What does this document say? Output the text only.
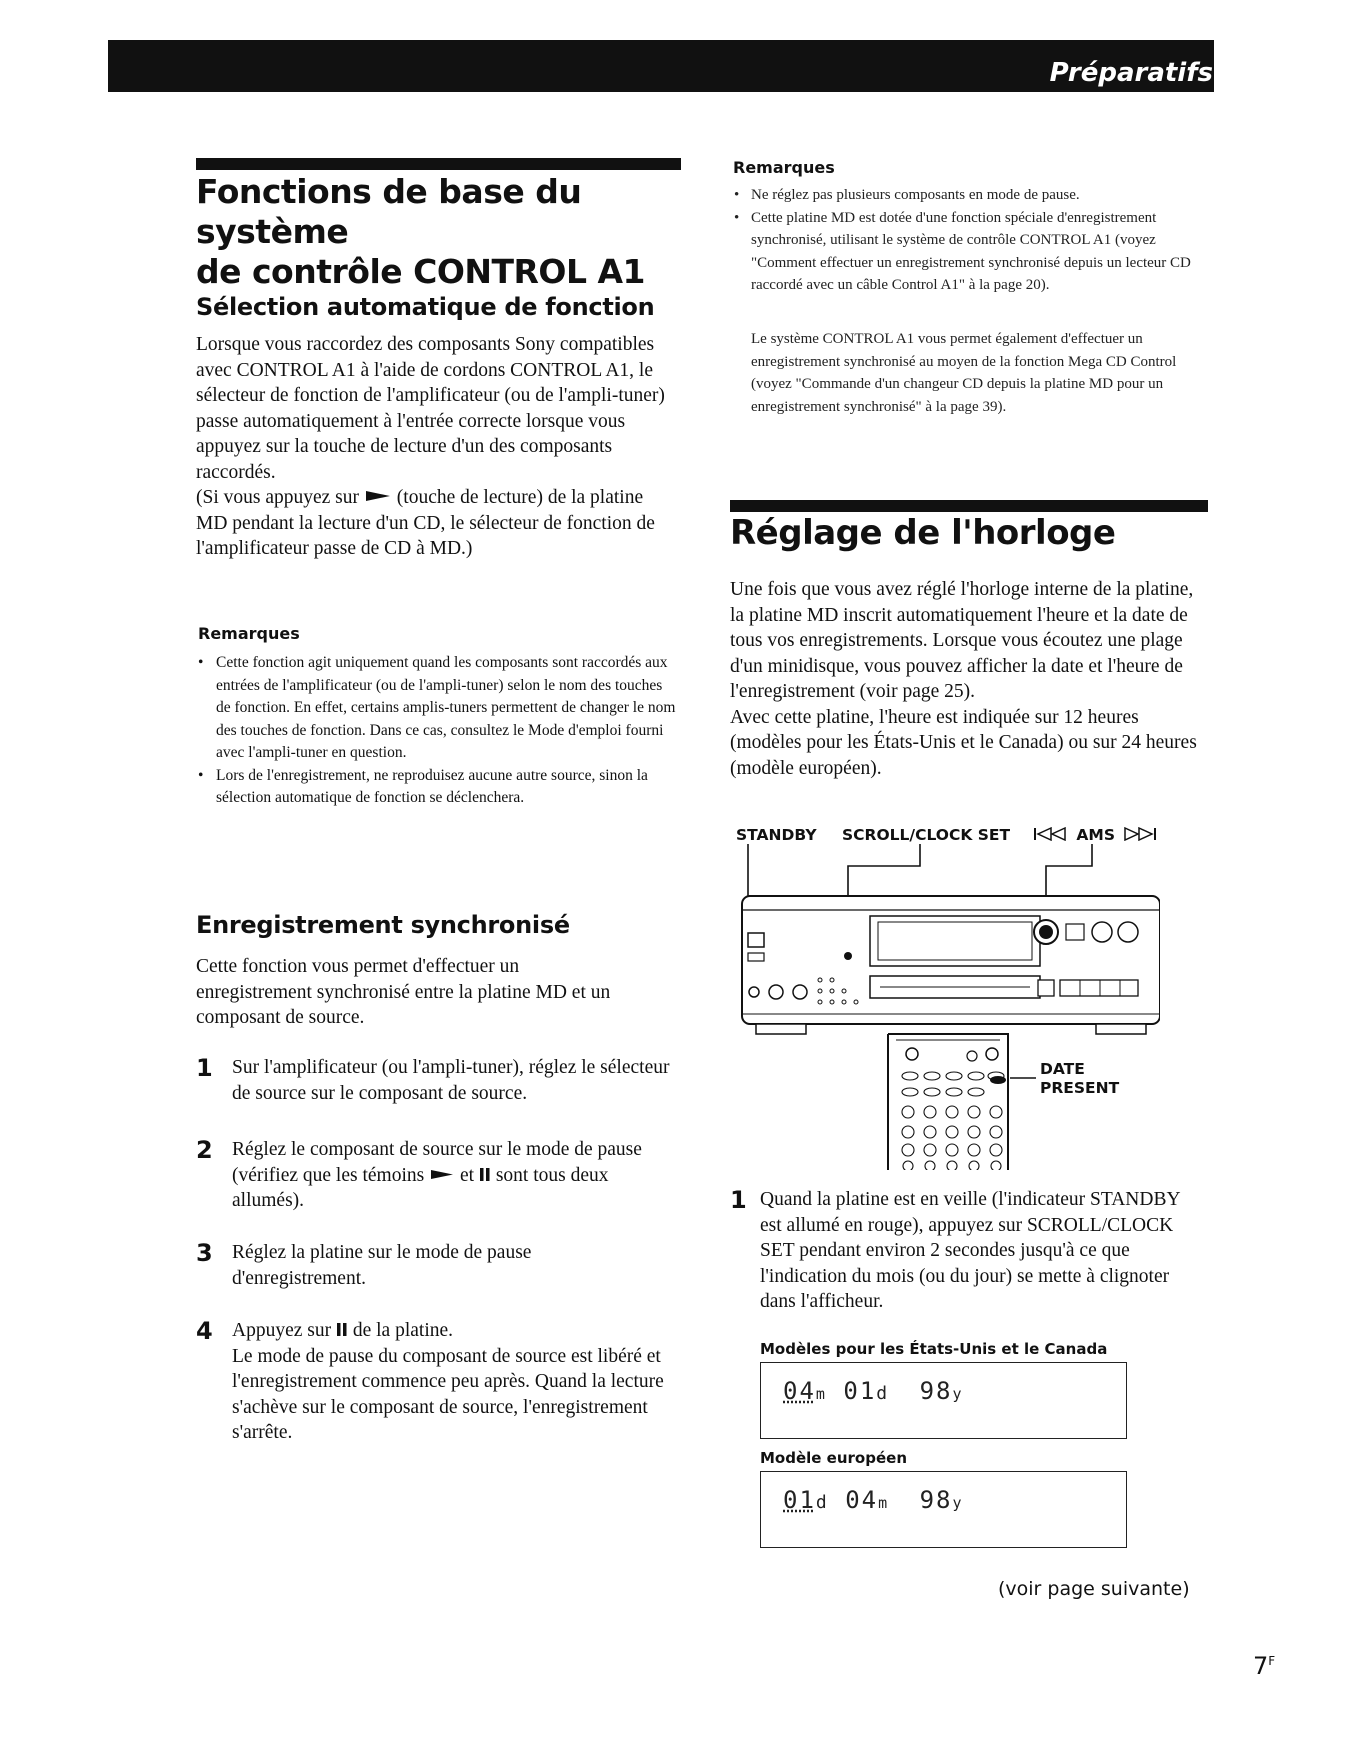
Préparatifs
Fonctions de base du système
de contrôle CONTROL A1
Sélection automatique de fonction

Lorsque vous raccordez des composants Sony compatibles avec CONTROL A1 à l'aide de cordons CONTROL A1, le sélecteur de fonction de l'amplificateur (ou de l'ampli-tuner) passe automatiquement à l'entrée correcte lorsque vous appuyez sur la touche de lecture d'un des composants raccordés.

(Si vous appuyez sur (touche de lecture) de la platine MD pendant la lecture d'un CD, le sélecteur de fonction de l'amplificateur passe de CD à MD.)

Remarques
• Cette fonction agit uniquement quand les composants sont raccordés aux entrées de l'amplificateur (ou de l'ampli-tuner) selon le nom des touches de fonction. En effet, certains amplis-tuners permettent de changer le nom des touches de fonction. Dans ce cas, consultez le Mode d'emploi fourni avec l'ampli-tuner en question.
• Lors de l'enregistrement, ne reproduisez aucune autre source, sinon la sélection automatique de fonction se déclenchera.
Enregistrement synchronisé
Cette fonction vous permet d'effectuer un enregistrement synchronisé entre la platine MD et un composant de source.
1 Sur l'amplificateur (ou l'ampli-tuner), réglez le sélecteur de source sur le composant de source.
2 Réglez le composant de source sur le mode de pause (vérifiez que les témoins et sont tous deux allumés).
3 Réglez la platine sur le mode de pause d'enregistrement.
4 Appuyez sur de la platine.

Le mode de pause du composant de source est libéré et l'enregistrement commence peu après. Quand la lecture s'achève sur le composant de source, l'enregistrement s'arrête.

Remarques
• Ne réglez pas plusieurs composants en mode de pause.
• Cette platine MD est dotée d'une fonction spéciale d'enregistrement synchronisé, utilisant le système de contrôle CONTROL A1 (voyez "Comment effectuer un enregistrement synchronisé depuis un lecteur CD raccordé avec un câble Control A1" à la page 20).
Le système CONTROL A1 vous permet également d'effectuer un enregistrement synchronisé au moyen de la fonction Mega CD Control (voyez "Commande d'un changeur CD depuis la platine MD pour un enregistrement synchronisé" à la page 39).
Réglage de l'horloge

Une fois que vous avez réglé l'horloge interne de la platine, la platine MD inscrit automatiquement l'heure et la date de tous vos enregistrements. Lorsque vous écoutez une plage d'un minidisque, vous pouvez afficher la date et l'heure de l'enregistrement (voir page 25).

Avec cette platine, l'heure est indiquée sur 12 heures (modèles pour les États-Unis et le Canada) ou sur 24 heures (modèle européen).

STANDBY SCROLL/CLOCK SET	AMS
DATE
PRESENT
1 Quand la platine est en veille (l'indicateur STANDBY est allumé en rouge), appuyez sur SCROLL/CLOCK SET pendant environ 2 secondes jusqu'à ce que l'indication du mois (ou du jour) se mette à clignoter dans l'afficheur.
Modèles pour les États-Unis et le Canada
04m 01d 98y
Modèle européen
01d 04m 98y
(voir page suivante)
$7^F$
